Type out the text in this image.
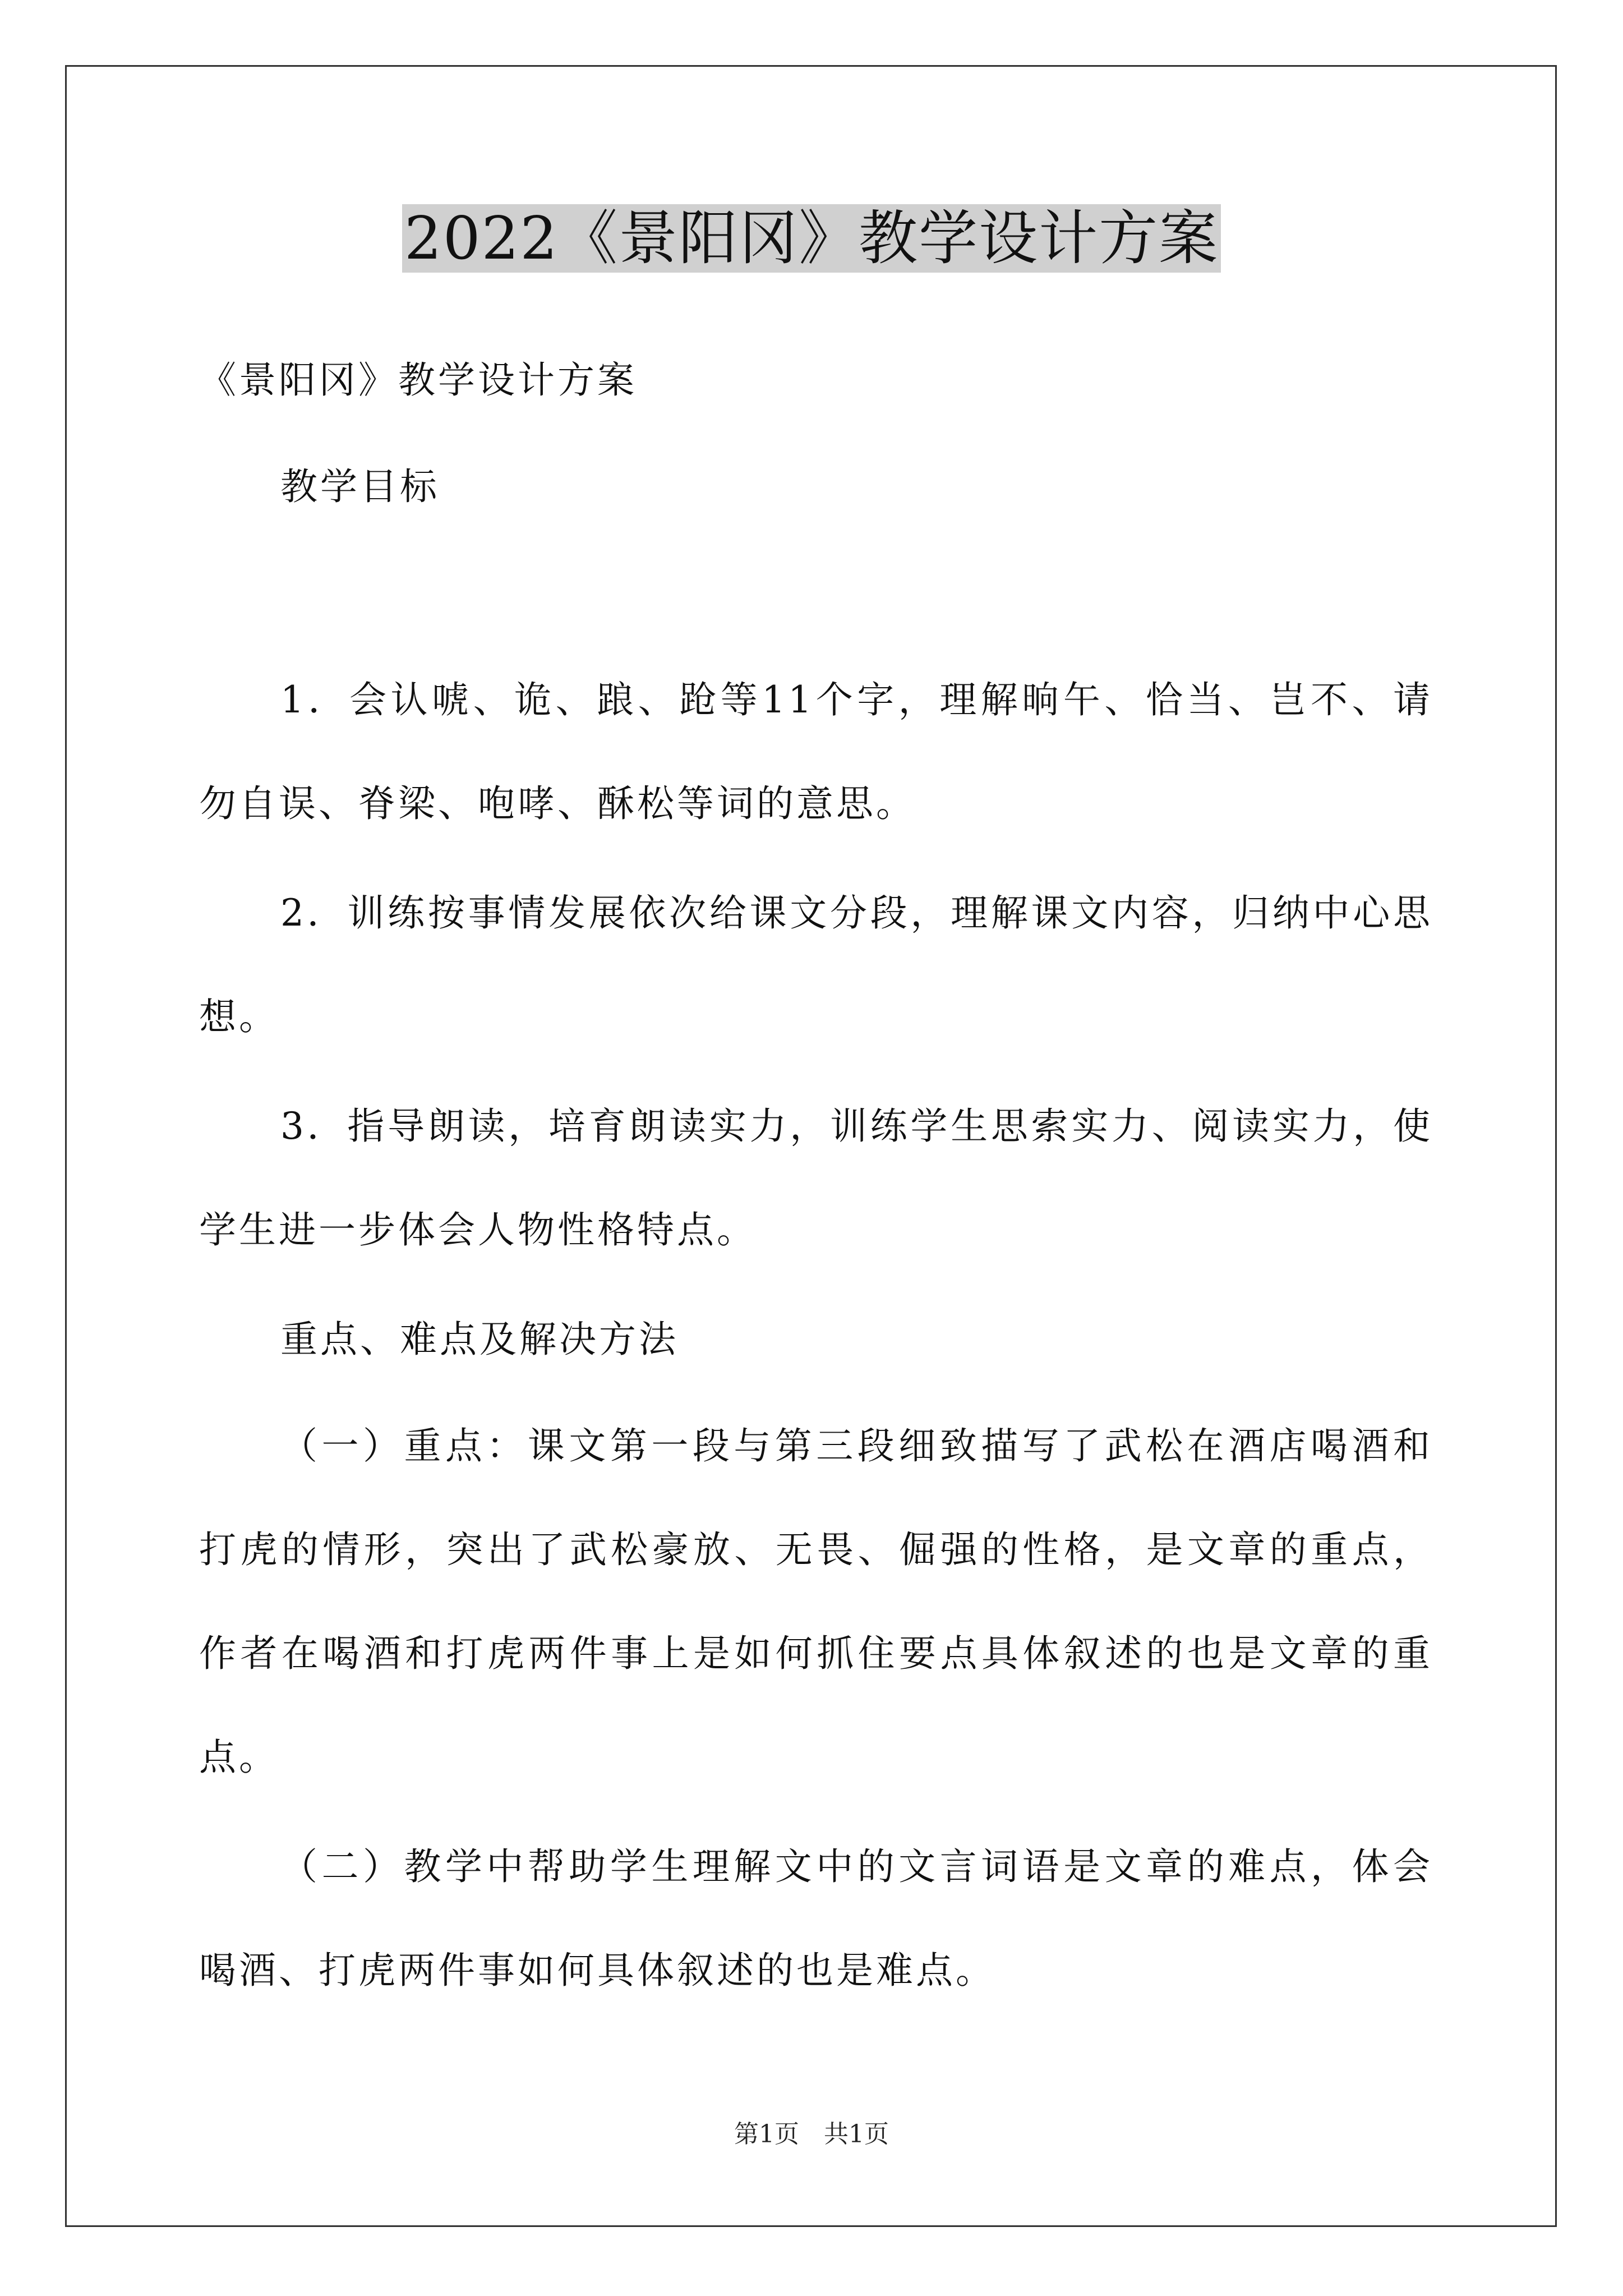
2022《景阳冈》教学设计方案

《景阳冈》教学设计方案

教学目标

1．会认唬、诡、踉、跄等11个字，理解晌午、恰当、岂不、请勿自误、脊梁、咆哮、酥松等词的意思。

2．训练按事情发展依次给课文分段，理解课文内容，归纳中心思想。

3．指导朗读，培育朗读实力，训练学生思索实力、阅读实力，使学生进一步体会人物性格特点。

重点、难点及解决方法

（一）重点：课文第一段与第三段细致描写了武松在酒店喝酒和打虎的情形，突出了武松豪放、无畏、倔强的性格，是文章的重点，作者在喝酒和打虎两件事上是如何抓住要点具体叙述的也是文章的重点。

（二）教学中帮助学生理解文中的文言词语是文章的难点，体会喝酒、打虎两件事如何具体叙述的也是难点。

第1页　共1页
